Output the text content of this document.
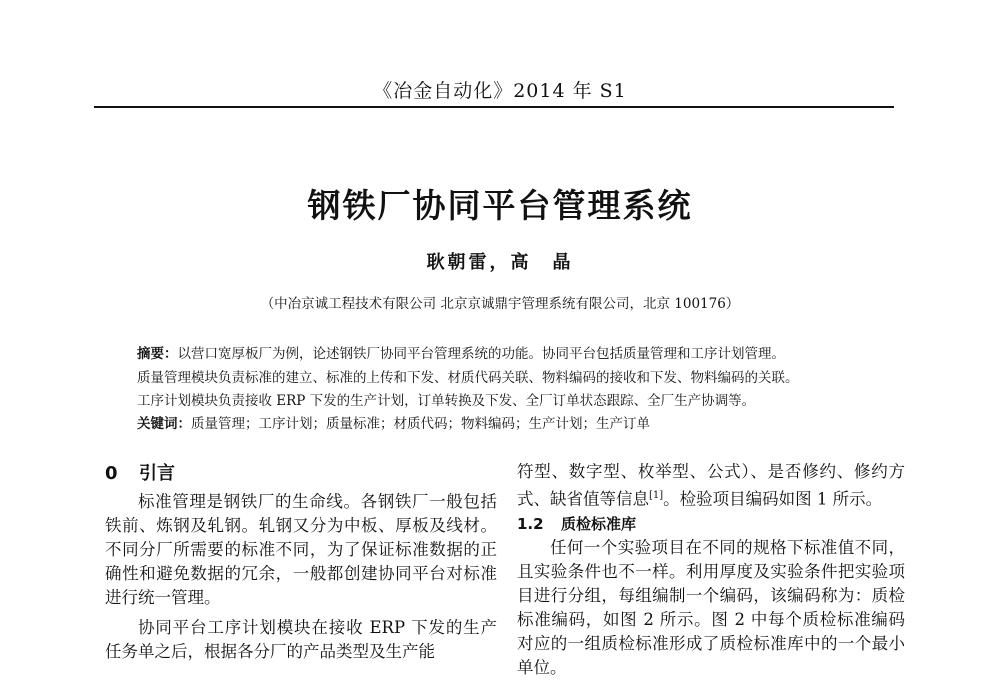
《冶金自动化》2014 年 S1
钢铁厂协同平台管理系统
耿朝雷，高　晶
（中冶京诚工程技术有限公司 北京京诚鼎宇管理系统有限公司，北京 100176）
摘要：以营口宽厚板厂为例，论述钢铁厂协同平台管理系统的功能。协同平台包括质量管理和工序计划管理。
质量管理模块负责标准的建立、标准的上传和下发、材质代码关联、物料编码的接收和下发、物料编码的关联。
工序计划模块负责接收 ERP 下发的生产计划，订单转换及下发、全厂订单状态跟踪、全厂生产协调等。
关键词：质量管理；工序计划；质量标准；材质代码；物料编码；生产计划；生产订单
0 引言

标准管理是钢铁厂的生命线。各钢铁厂一般包括铁前、炼钢及轧钢。轧钢又分为中板、厚板及线材。不同分厂所需要的标准不同，为了保证标准数据的正确性和避免数据的冗余，一般都创建协同平台对标准进行统一管理。

协同平台工序计划模块在接收 ERP 下发的生产任务单之后，根据各分厂的产品类型及生产能

符型、数字型、枚举型、公式）、是否修约、修约方式、缺省值等信息[1]。检验项目编码如图 1 所示。

1.2 质检标准库

任何一个实验项目在不同的规格下标准值不同，且实验条件也不一样。利用厚度及实验条件把实验项目进行分组，每组编制一个编码，该编码称为：质检标准编码，如图 2 所示。图 2 中每个质检标准编码对应的一组质检标准形成了质检标准库中的一个最小单位。
